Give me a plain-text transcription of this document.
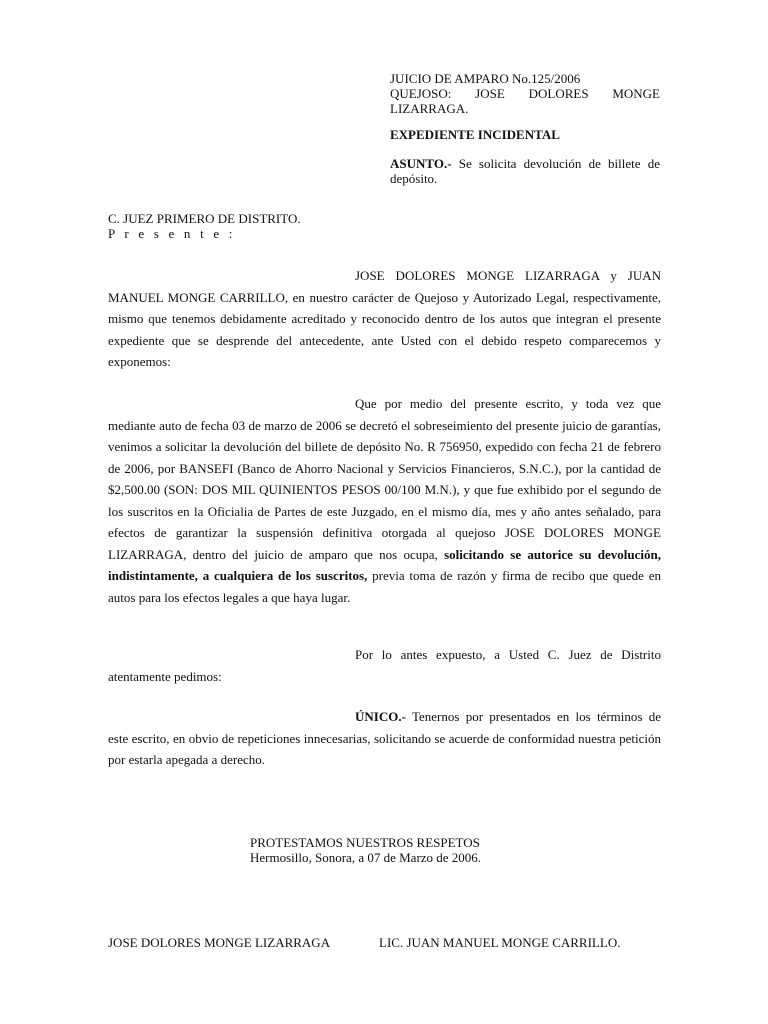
JUICIO DE AMPARO No.125/2006
QUEJOSO: JOSE DOLORES MONGE LIZARRAGA.
EXPEDIENTE INCIDENTAL
ASUNTO.- Se solicita devolución de billete de depósito.
C. JUEZ PRIMERO DE DISTRITO.
P r e s e n t e :
JOSE DOLORES MONGE LIZARRAGA y JUAN MANUEL MONGE CARRILLO, en nuestro carácter de Quejoso y Autorizado Legal, respectivamente, mismo que tenemos debidamente acreditado y reconocido dentro de los autos que integran el presente expediente que se desprende del antecedente, ante Usted con el debido respeto comparecemos y exponemos:
Que por medio del presente escrito, y toda vez que mediante auto de fecha 03 de marzo de 2006 se decretó el sobreseimiento del presente juicio de garantías, venimos a solicitar la devolución del billete de depósito No. R 756950, expedido con fecha 21 de febrero de 2006, por BANSEFI (Banco de Ahorro Nacional y Servicios Financieros, S.N.C.), por la cantidad de $2,500.00 (SON: DOS MIL QUINIENTOS PESOS 00/100 M.N.), y que fue exhibido por el segundo de los suscritos en la Oficialia de Partes de este Juzgado, en el mismo día, mes y año antes señalado, para efectos de garantizar la suspensión definitiva otorgada al quejoso JOSE DOLORES MONGE LIZARRAGA, dentro del juicio de amparo que nos ocupa, solicitando se autorice su devolución, indistintamente, a cualquiera de los suscritos, previa toma de razón y firma de recibo que quede en autos para los efectos legales a que haya lugar.
Por lo antes expuesto, a Usted C. Juez de Distrito atentamente pedimos:
ÚNICO.- Tenernos por presentados en los términos de este escrito, en obvio de repeticiones innecesarias, solicitando se acuerde de conformidad nuestra petición por estarla apegada a derecho.
PROTESTAMOS NUESTROS RESPETOS
Hermosillo, Sonora, a 07 de Marzo de 2006.
JOSE DOLORES MONGE LIZARRAGA	LIC. JUAN MANUEL MONGE CARRILLO.
